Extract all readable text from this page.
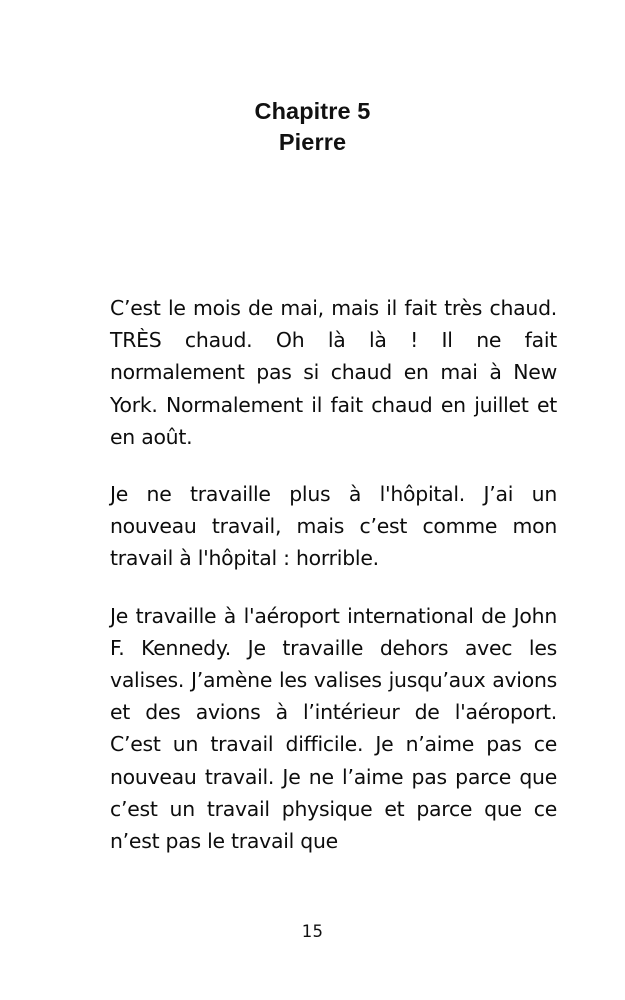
Chapitre 5
Pierre

C’est le mois de mai, mais il fait très chaud. TRÈS chaud. Oh là là ! Il ne fait normalement pas si chaud en mai à New York. Normalement il fait chaud en juillet et en août.

Je ne travaille plus à l'hôpital. J’ai un nouveau travail, mais c’est comme mon travail à l'hôpital : horrible.

Je travaille à l'aéroport international de John F. Kennedy. Je travaille dehors avec les valises. J’amène les valises jusqu’aux avions et des avions à l’intérieur de l'aéroport. C’est un travail difficile. Je n’aime pas ce nouveau travail. Je ne l’aime pas parce que c’est un travail physique et parce que ce n’est pas le travail que

15
